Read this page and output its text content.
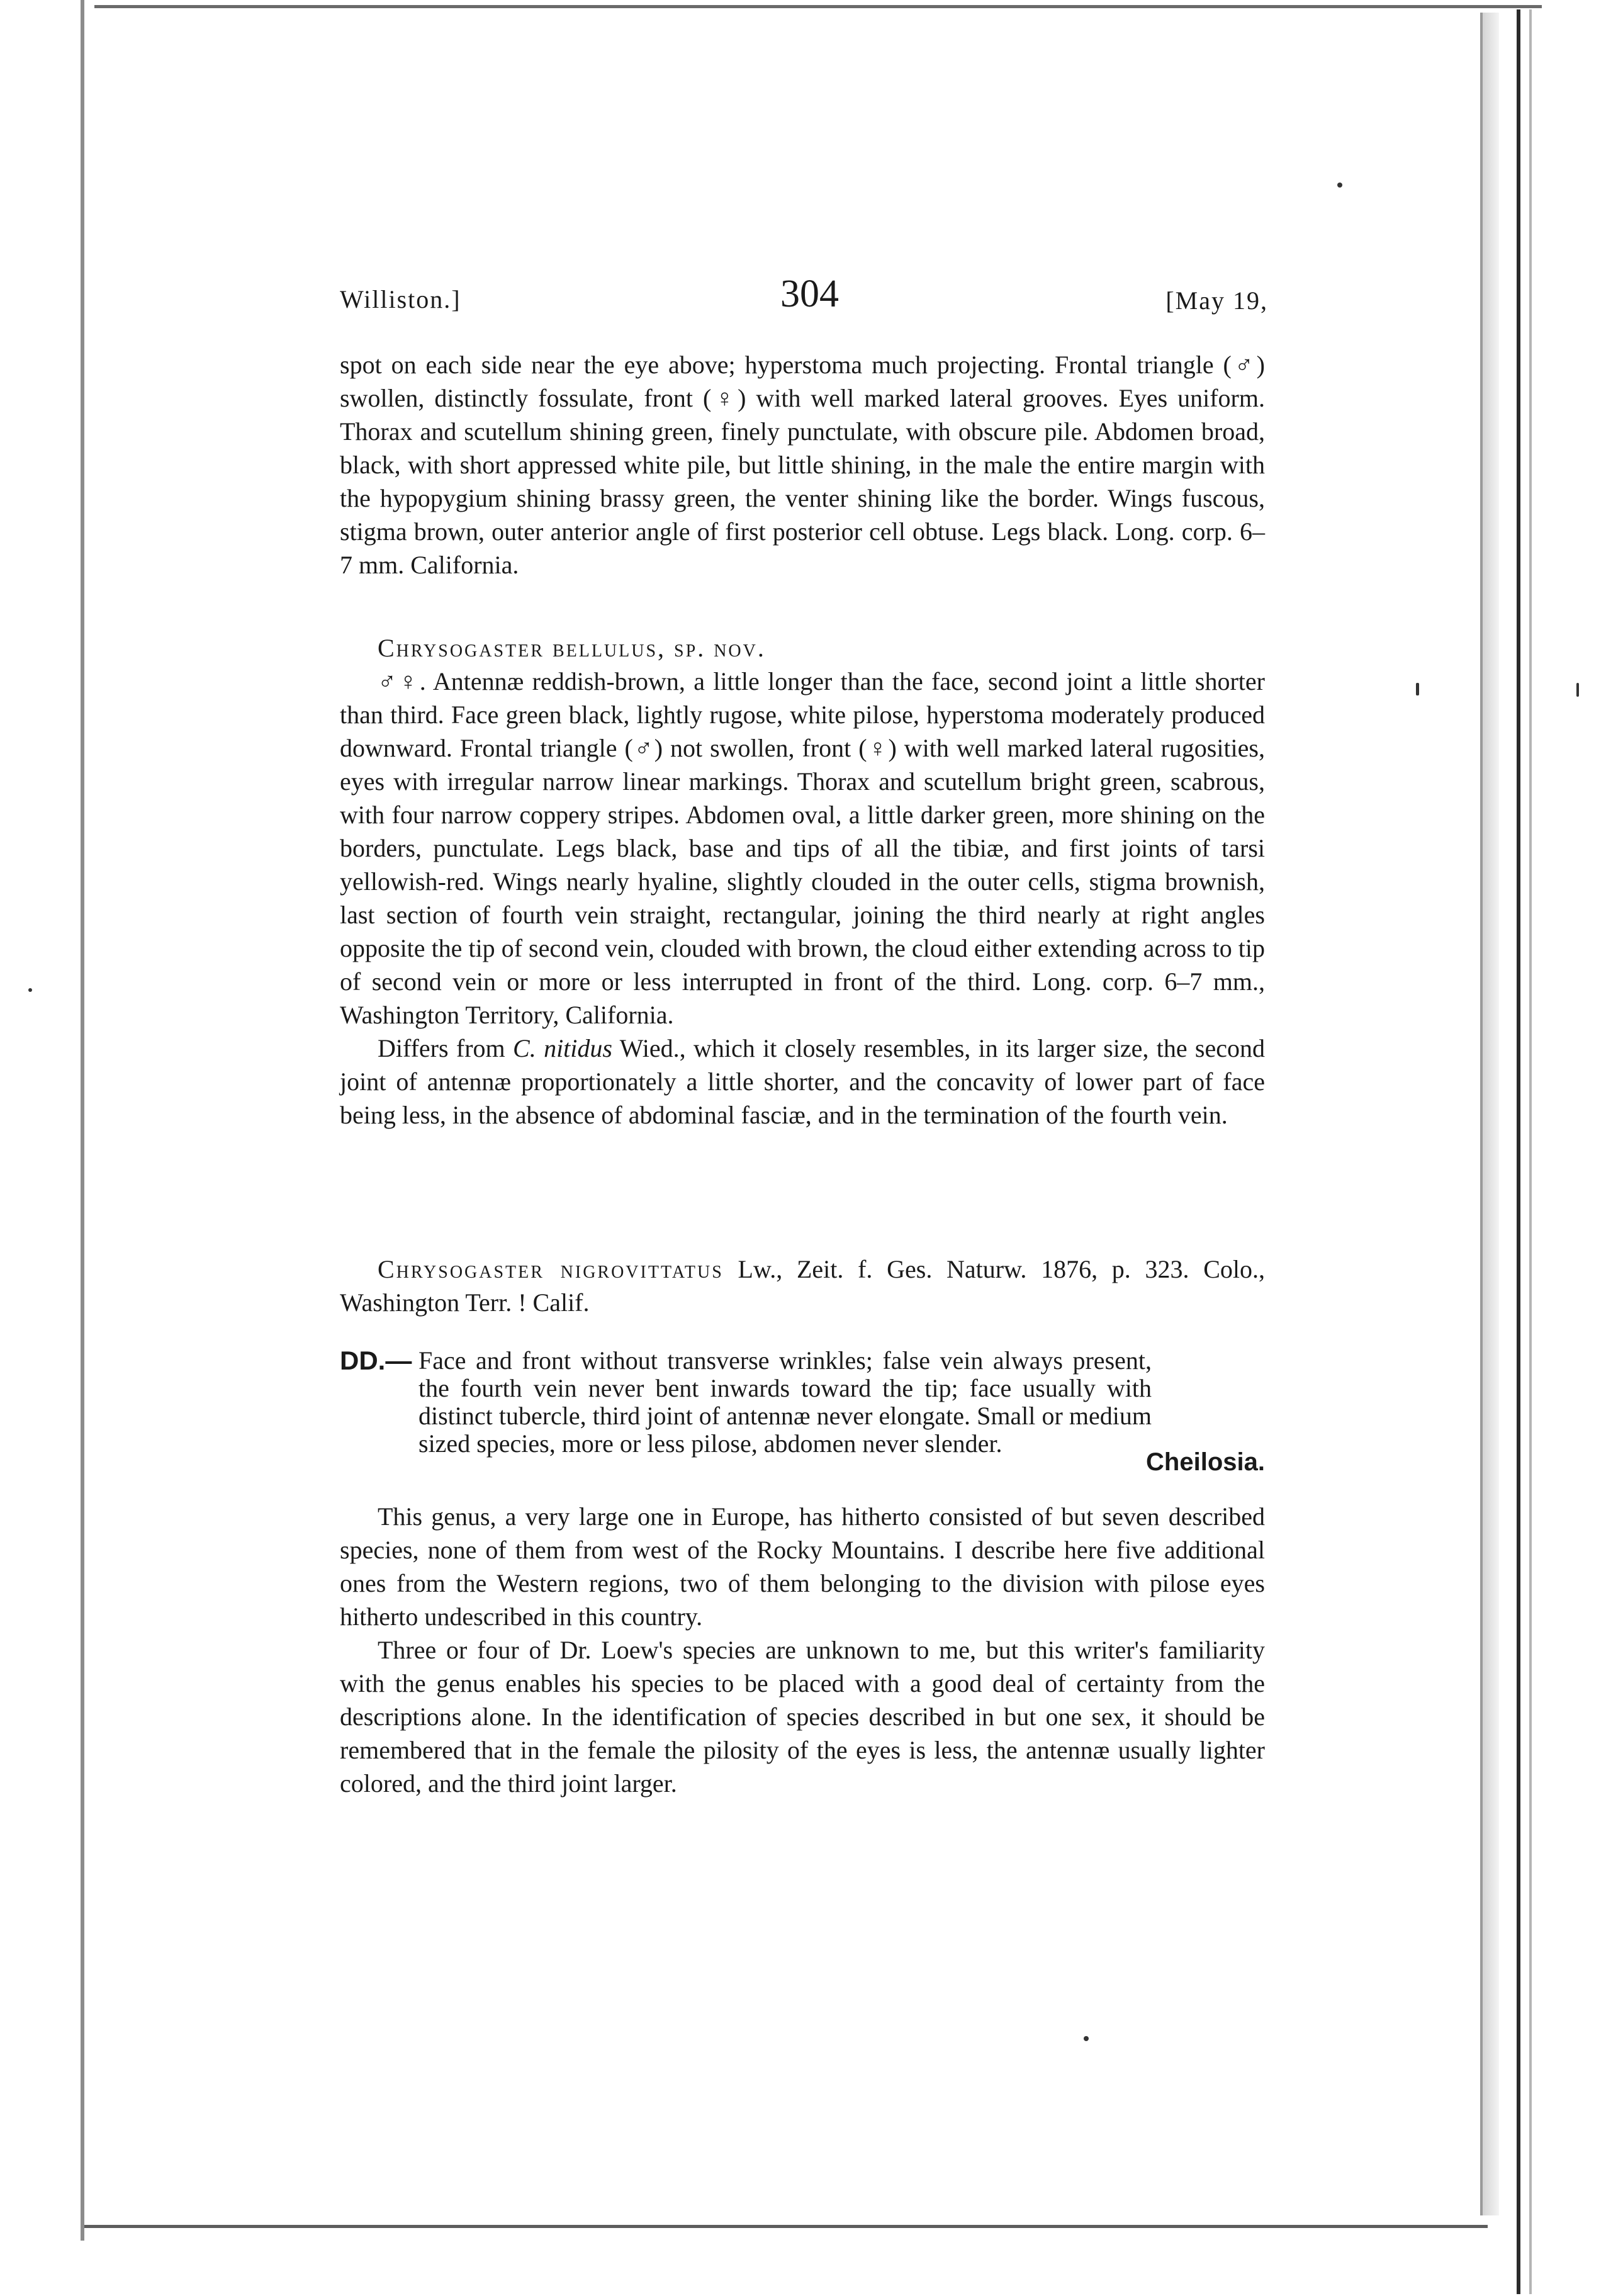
Williston.]	304	[May 19,

spot on each side near the eye above; hyperstoma much projecting. Frontal triangle (♂) swollen, distinctly fossulate, front (♀) with well marked lateral grooves. Eyes uniform. Thorax and scutellum shining green, finely punctulate, with obscure pile. Abdomen broad, black, with short appressed white pile, but little shining, in the male the entire margin with the hypopygium shining brassy green, the venter shining like the border. Wings fuscous, stigma brown, outer anterior angle of first posterior cell obtuse. Legs black. Long. corp. 6–7 mm. California.

Chrysogaster bellulus, sp. nov.

♂♀. Antennæ reddish-brown, a little longer than the face, second joint a little shorter than third. Face green black, lightly rugose, white pilose, hyperstoma moderately produced downward. Frontal triangle (♂) not swollen, front (♀) with well marked lateral rugosities, eyes with irregular narrow linear markings. Thorax and scutellum bright green, scabrous, with four narrow coppery stripes. Abdomen oval, a little darker green, more shining on the borders, punctulate. Legs black, base and tips of all the tibiæ, and first joints of tarsi yellowish-red. Wings nearly hyaline, slightly clouded in the outer cells, stigma brownish, last section of fourth vein straight, rectangular, joining the third nearly at right angles opposite the tip of second vein, clouded with brown, the cloud either extending across to tip of second vein or more or less interrupted in front of the third. Long. corp. 6–7 mm., Washington Territory, California.

Differs from C. nitidus Wied., which it closely resembles, in its larger size, the second joint of antennæ proportionately a little shorter, and the concavity of lower part of face being less, in the absence of abdominal fasciæ, and in the termination of the fourth vein.

Chrysogaster nigrovittatus Lw., Zeit. f. Ges. Naturw. 1876, p. 323. Colo., Washington Terr. ! Calif.

DD.— Face and front without transverse wrinkles; false vein always present, the fourth vein never bent inwards toward the tip; face usually with distinct tubercle, third joint of antennæ never elongate. Small or medium sized species, more or less pilose, abdomen never slender.
Cheilosia.

This genus, a very large one in Europe, has hitherto consisted of but seven described species, none of them from west of the Rocky Mountains. I describe here five additional ones from the Western regions, two of them belonging to the division with pilose eyes hitherto undescribed in this country.

Three or four of Dr. Loew's species are unknown to me, but this writer's familiarity with the genus enables his species to be placed with a good deal of certainty from the descriptions alone. In the identification of species described in but one sex, it should be remembered that in the female the pilosity of the eyes is less, the antennæ usually lighter colored, and the third joint larger.
